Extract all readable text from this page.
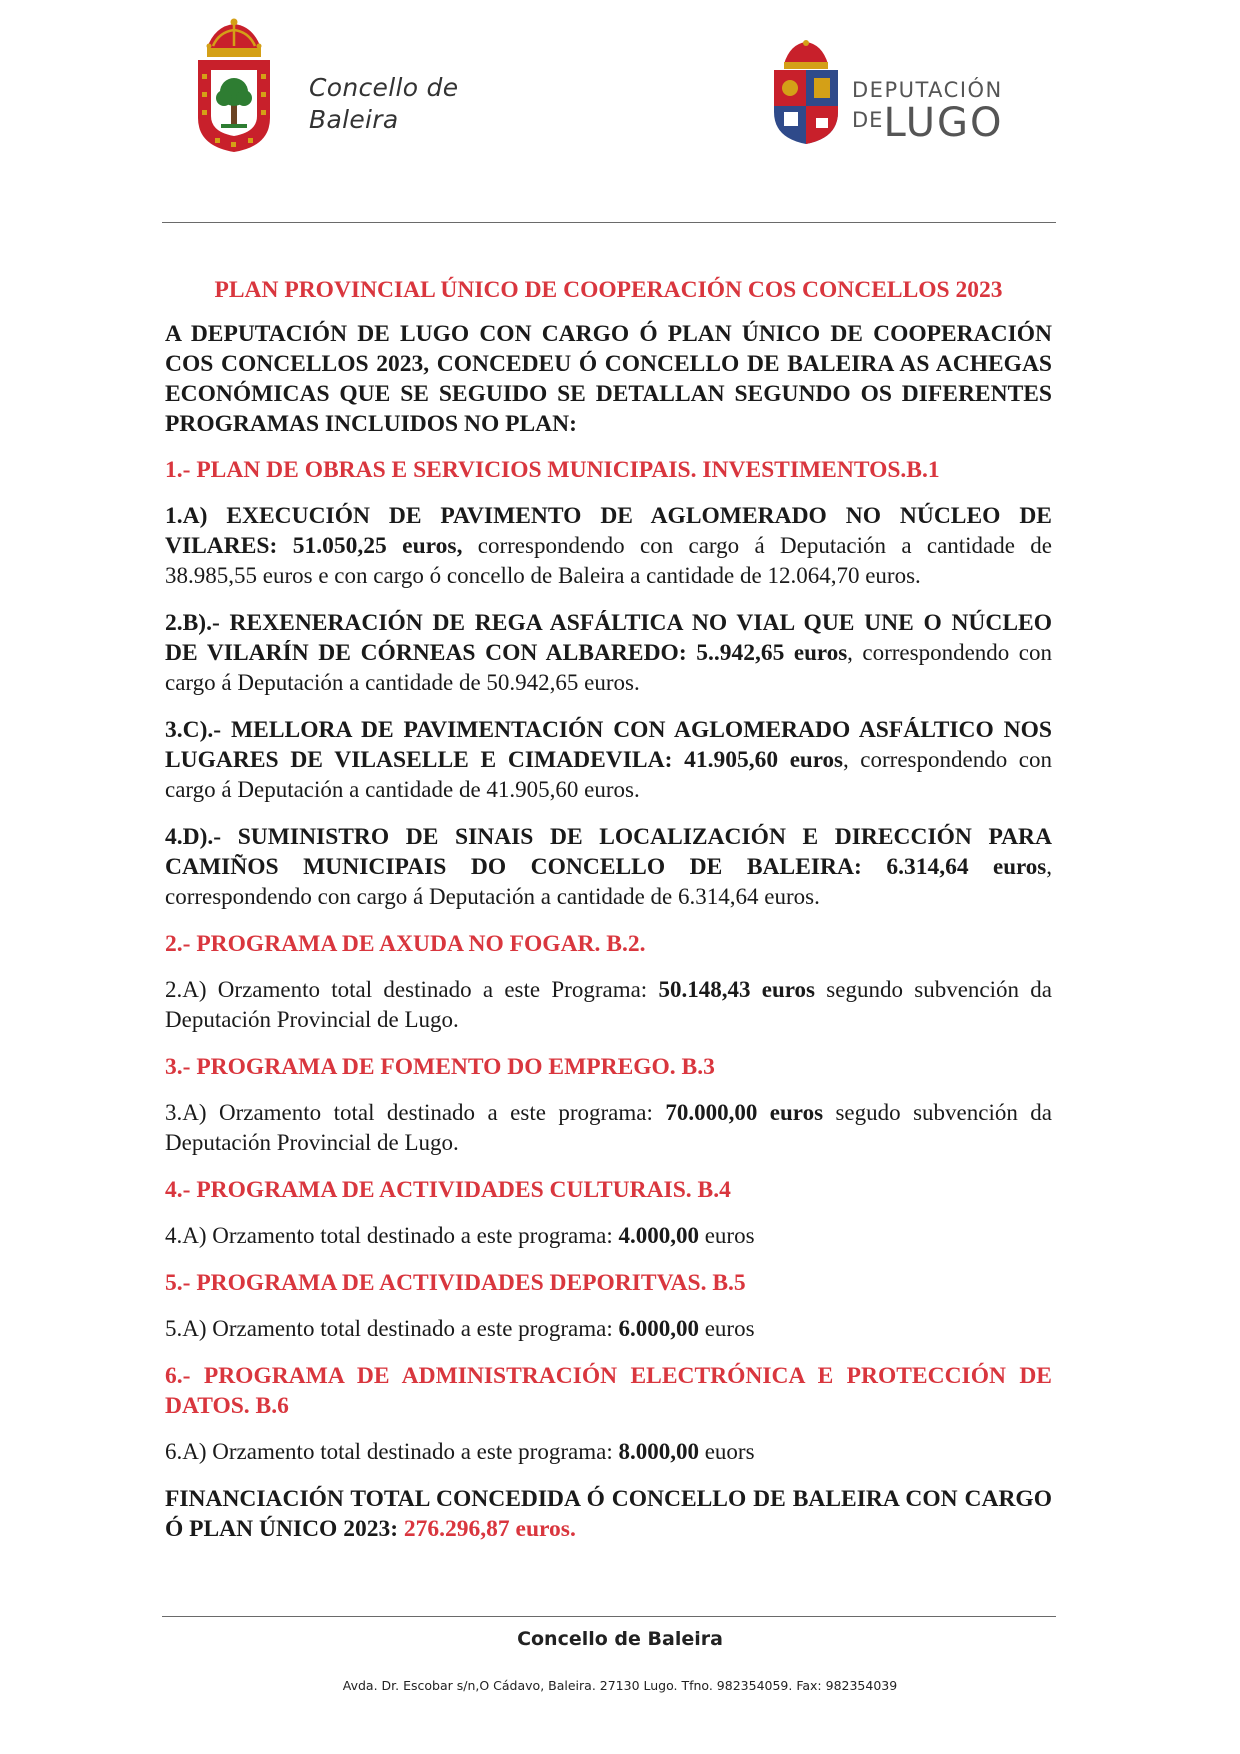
Concello de
Baleira
DEPUTACIÓN
DELUGO
PLAN PROVINCIAL ÚNICO DE COOPERACIÓN COS CONCELLOS 2023
A DEPUTACIÓN DE LUGO CON CARGO Ó PLAN ÚNICO DE COOPERACIÓN COS CONCELLOS 2023, CONCEDEU Ó CONCELLO DE BALEIRA AS ACHEGAS ECONÓMICAS QUE SE SEGUIDO SE DETALLAN SEGUNDO OS DIFERENTES PROGRAMAS INCLUIDOS NO PLAN:
1.- PLAN DE OBRAS E SERVICIOS MUNICIPAIS. INVESTIMENTOS.B.1
1.A) EXECUCIÓN DE PAVIMENTO DE AGLOMERADO NO NÚCLEO DE VILARES: 51.050,25 euros, correspondendo con cargo á Deputación a cantidade de 38.985,55 euros e con cargo ó concello de Baleira a cantidade de 12.064,70 euros.
2.B).- REXENERACIÓN DE REGA ASFÁLTICA NO VIAL QUE UNE O NÚCLEO DE VILARÍN DE CÓRNEAS CON ALBAREDO: 5..942,65 euros, correspondendo con cargo á Deputación a cantidade de 50.942,65 euros.
3.C).- MELLORA DE PAVIMENTACIÓN CON AGLOMERADO ASFÁLTICO NOS LUGARES DE VILASELLE E CIMADEVILA: 41.905,60 euros, correspondendo con cargo á Deputación a cantidade de 41.905,60 euros.
4.D).- SUMINISTRO DE SINAIS DE LOCALIZACIÓN E DIRECCIÓN PARA CAMIÑOS MUNICIPAIS DO CONCELLO DE BALEIRA: 6.314,64 euros, correspondendo con cargo á Deputación a cantidade de 6.314,64 euros.
2.- PROGRAMA DE AXUDA NO FOGAR. B.2.
2.A) Orzamento total destinado a este Programa: 50.148,43 euros segundo subvención da Deputación Provincial de Lugo.
3.- PROGRAMA DE FOMENTO DO EMPREGO. B.3
3.A) Orzamento total destinado a este programa: 70.000,00 euros segudo subvención da Deputación Provincial de Lugo.
4.- PROGRAMA DE ACTIVIDADES CULTURAIS. B.4
4.A) Orzamento total destinado a este programa: 4.000,00 euros
5.- PROGRAMA DE ACTIVIDADES DEPORITVAS. B.5
5.A) Orzamento total destinado a este programa: 6.000,00 euros
6.- PROGRAMA DE ADMINISTRACIÓN ELECTRÓNICA E PROTECCIÓN DE DATOS. B.6
6.A) Orzamento total destinado a este programa: 8.000,00 euors
FINANCIACIÓN TOTAL CONCEDIDA Ó CONCELLO DE BALEIRA CON CARGO Ó PLAN ÚNICO 2023: 276.296,87 euros.
Concello de Baleira
Avda. Dr. Escobar s/n,O Cádavo, Baleira. 27130 Lugo. Tfno. 982354059. Fax: 982354039
